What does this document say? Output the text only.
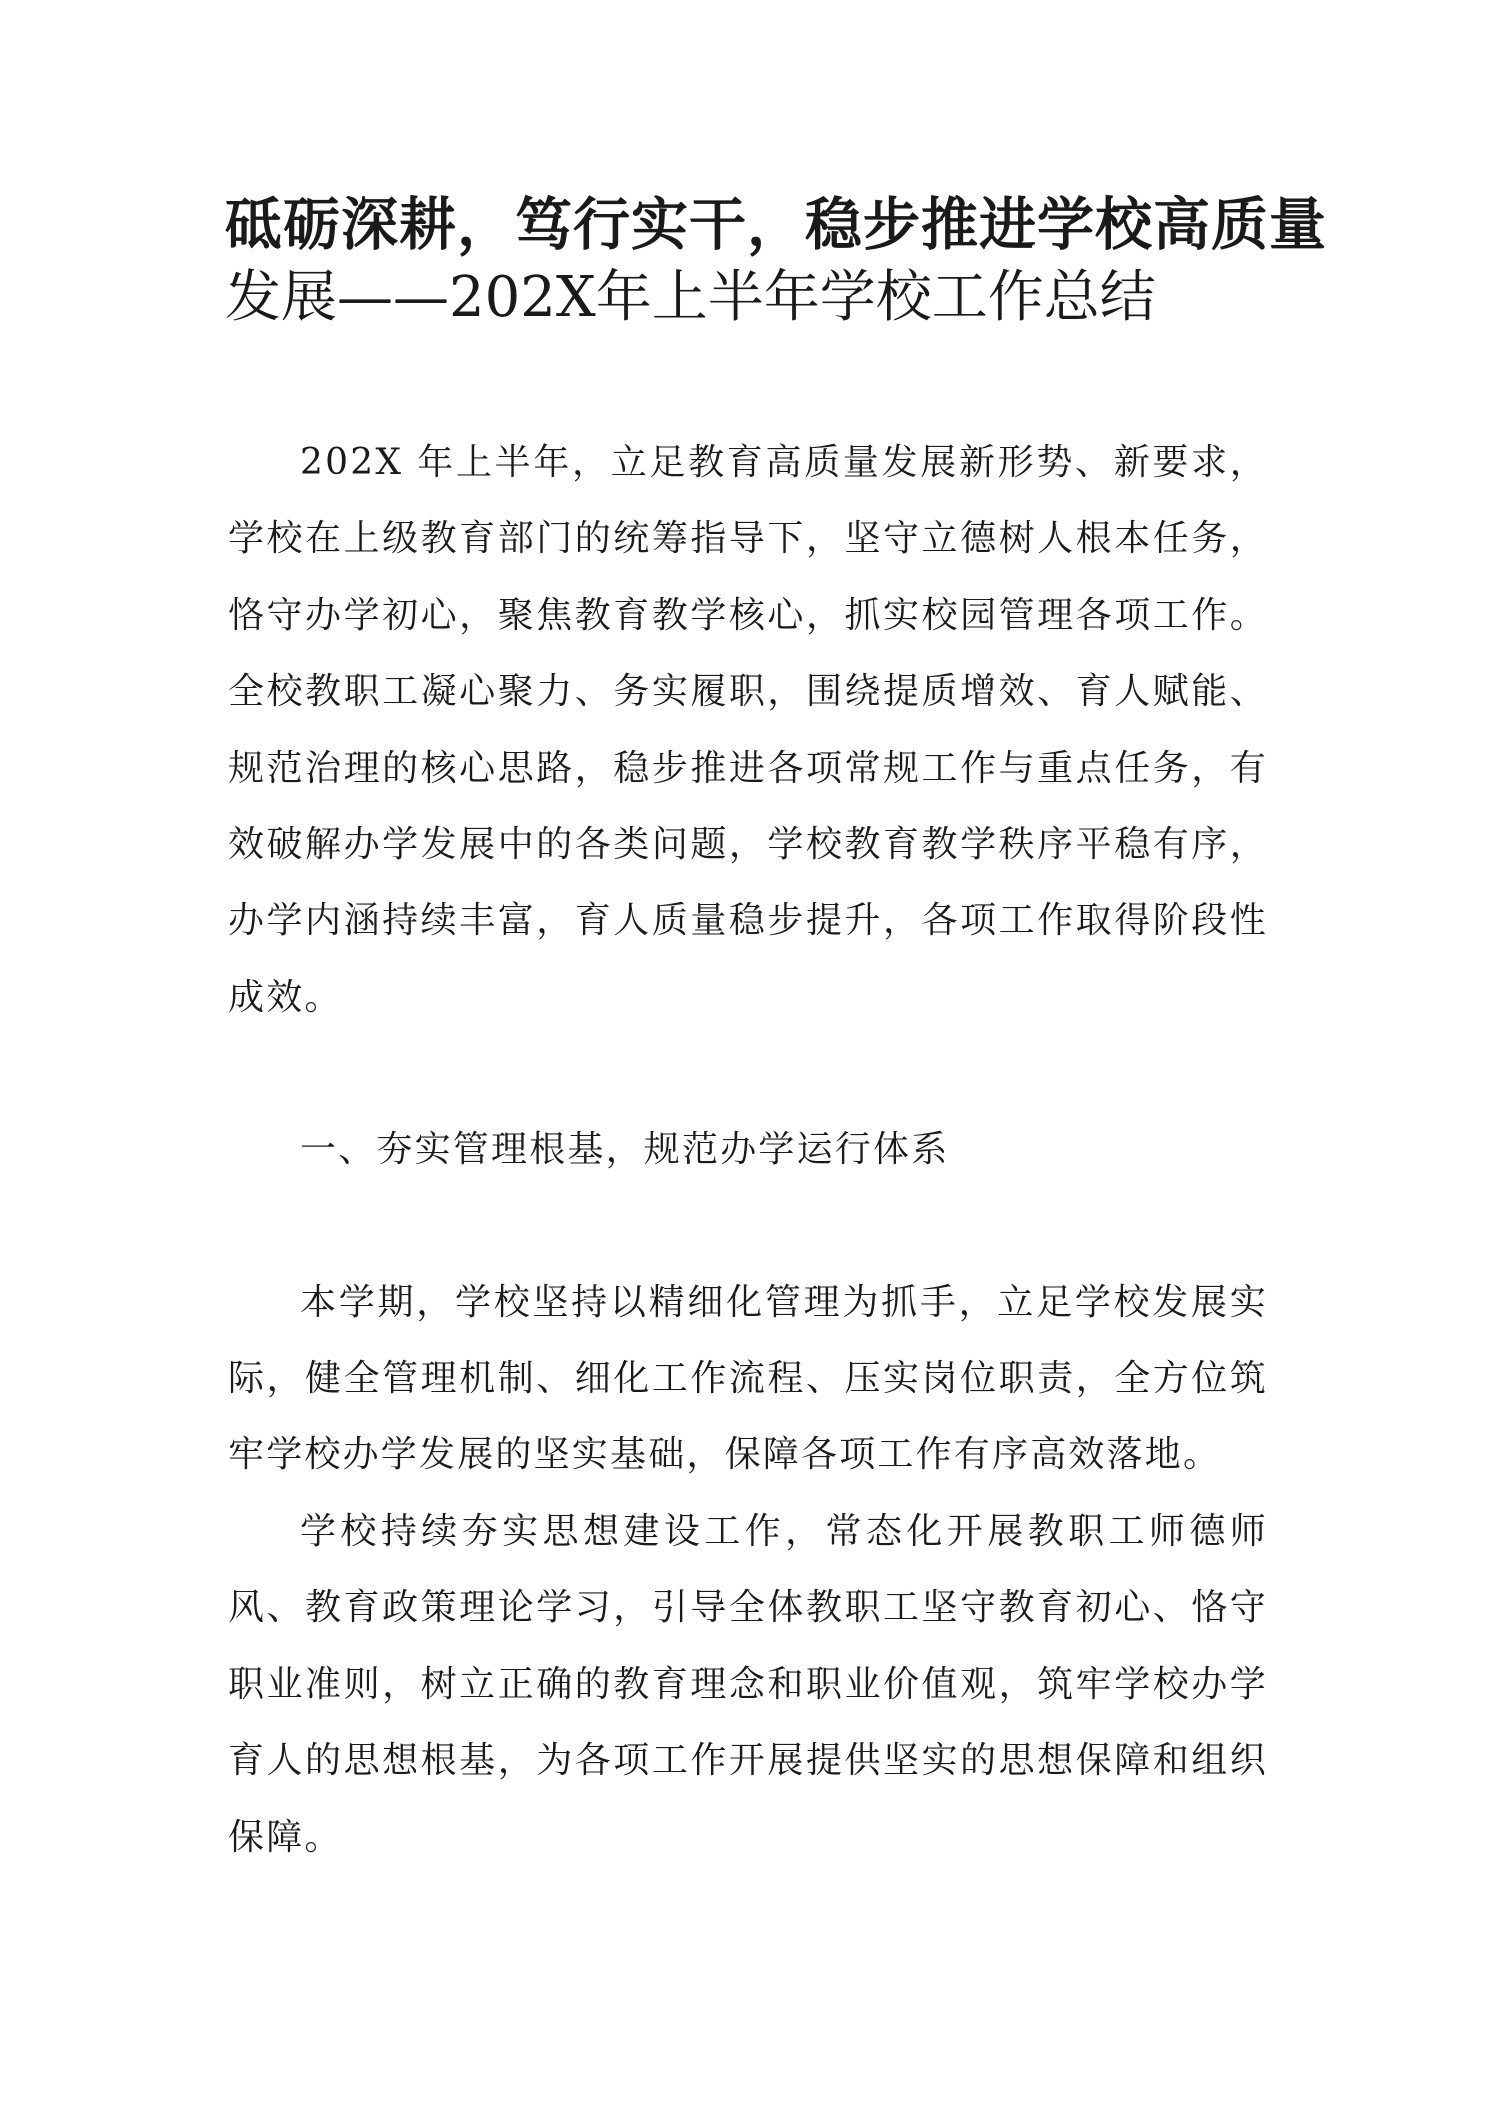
砥砺深耕，笃行实干，稳步推进学校高质量
发展——202X年上半年学校工作总结

202X 年上半年，立足教育高质量发展新形势、新要求，学校在上级教育部门的统筹指导下，坚守立德树人根本任务，恪守办学初心，聚焦教育教学核心，抓实校园管理各项工作。全校教职工凝心聚力、务实履职，围绕提质增效、育人赋能、规范治理的核心思路，稳步推进各项常规工作与重点任务，有效破解办学发展中的各类问题，学校教育教学秩序平稳有序，办学内涵持续丰富，育人质量稳步提升，各项工作取得阶段性成效。

一、夯实管理根基，规范办学运行体系

本学期，学校坚持以精细化管理为抓手，立足学校发展实际，健全管理机制、细化工作流程、压实岗位职责，全方位筑牢学校办学发展的坚实基础，保障各项工作有序高效落地。

学校持续夯实思想建设工作，常态化开展教职工师德师风、教育政策理论学习，引导全体教职工坚守教育初心、恪守职业准则，树立正确的教育理念和职业价值观，筑牢学校办学育人的思想根基，为各项工作开展提供坚实的思想保障和组织保障。
